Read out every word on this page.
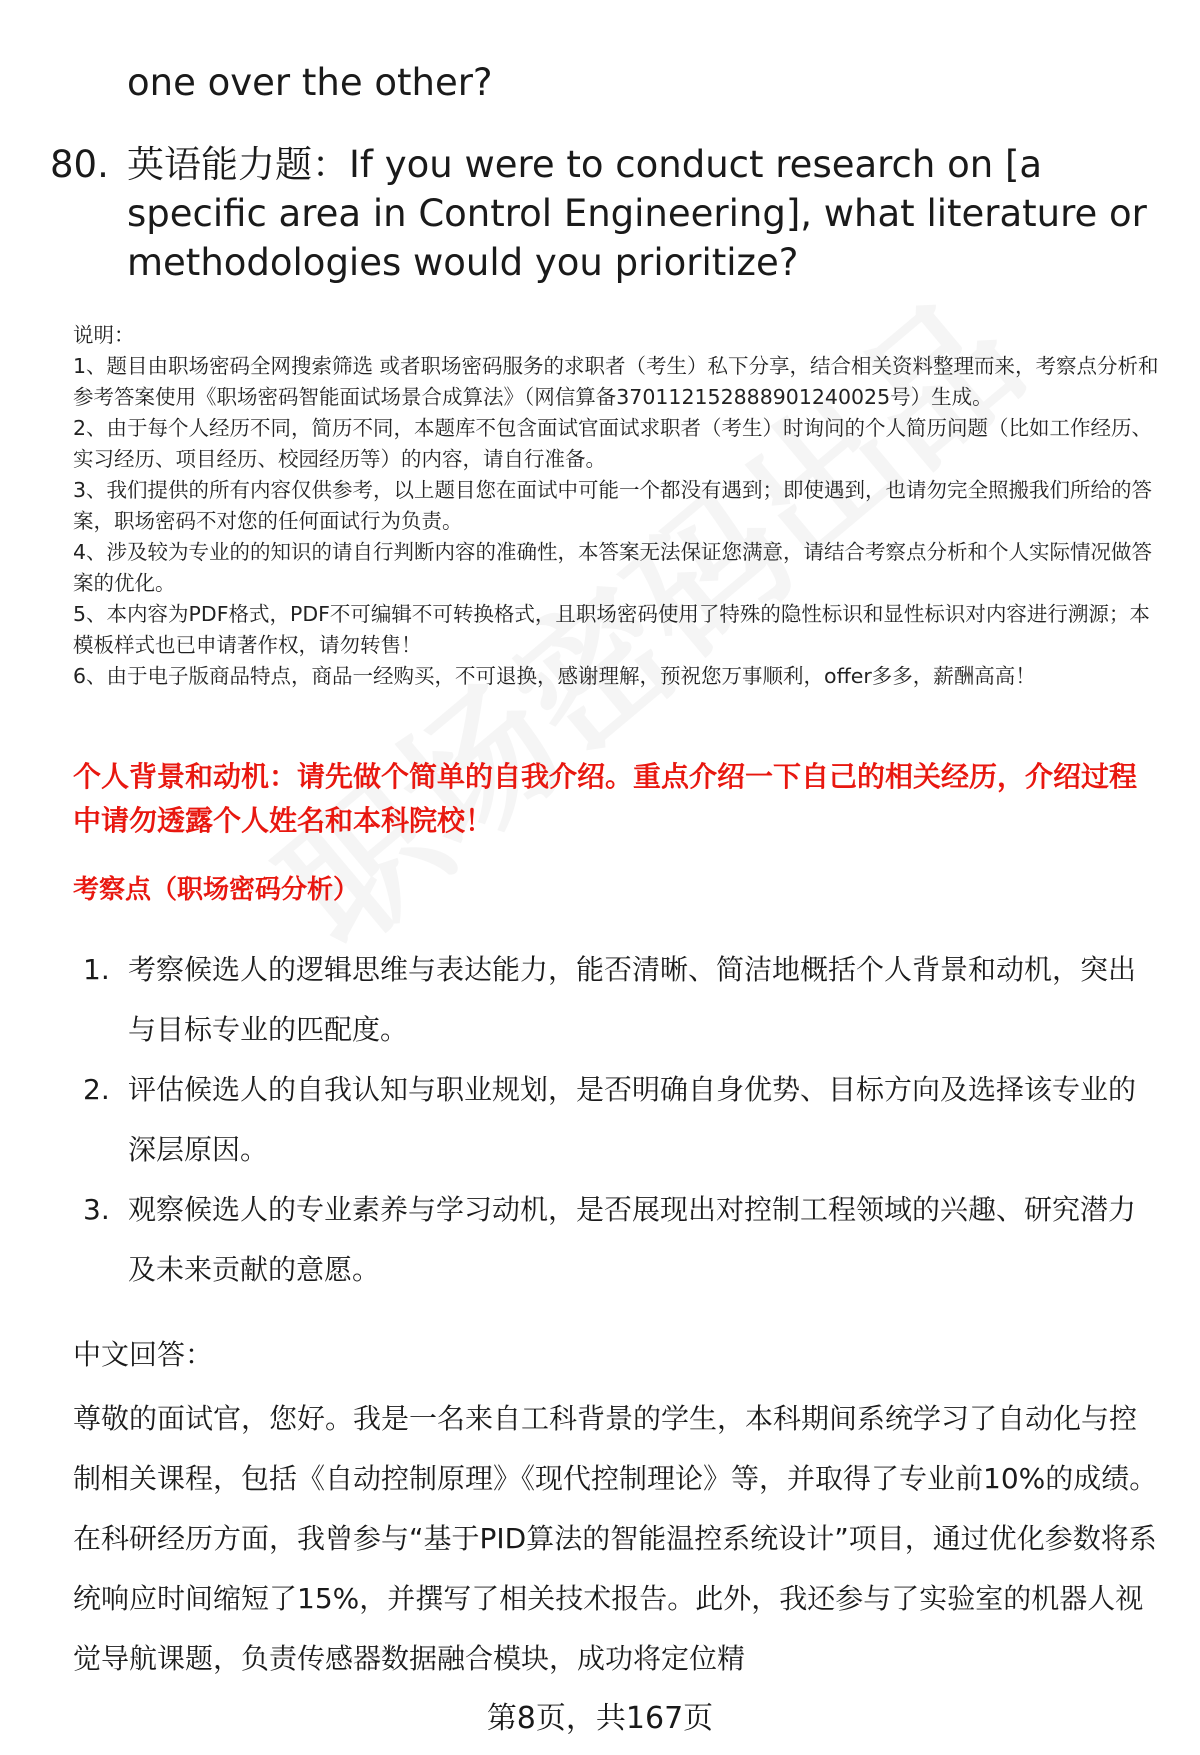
one over the other?

80. 英语能力题：If you were to conduct research on [a specific area in Control Engineering], what literature or methodologies would you prioritize?

说明：

1、题目由职场密码全网搜索筛选 或者职场密码服务的求职者（考生）私下分享，结合相关资料整理而来，考察点分析和参考答案使用《职场密码智能面试场景合成算法》（网信算备370112152888901240025号）生成。

2、由于每个人经历不同，简历不同，本题库不包含面试官面试求职者（考生）时询问的个人简历问题（比如工作经历、实习经历、项目经历、校园经历等）的内容，请自行准备。

3、我们提供的所有内容仅供参考，以上题目您在面试中可能一个都没有遇到；即使遇到，也请勿完全照搬我们所给的答案，职场密码不对您的任何面试行为负责。

4、涉及较为专业的的知识的请自行判断内容的准确性，本答案无法保证您满意，请结合考察点分析和个人实际情况做答案的优化。

5、本内容为PDF格式，PDF不可编辑不可转换格式，且职场密码使用了特殊的隐性标识和显性标识对内容进行溯源；本模板样式也已申请著作权，请勿转售！

6、由于电子版商品特点，商品一经购买，不可退换，感谢理解，预祝您万事顺利，offer多多，薪酬高高！

个人背景和动机：请先做个简单的自我介绍。重点介绍一下自己的相关经历，介绍过程中请勿透露个人姓名和本科院校！
考察点（职场密码分析）
1. 考察候选人的逻辑思维与表达能力，能否清晰、简洁地概括个人背景和动机，突出与目标专业的匹配度。
2. 评估候选人的自我认知与职业规划，是否明确自身优势、目标方向及选择该专业的深层原因。
3. 观察候选人的专业素养与学习动机，是否展现出对控制工程领域的兴趣、研究潜力及未来贡献的意愿。
中文回答：

尊敬的面试官，您好。我是一名来自工科背景的学生，本科期间系统学习了自动化与控制相关课程，包括《自动控制原理》《现代控制理论》等，并取得了专业前10%的成绩。在科研经历方面，我曾参与“基于PID算法的智能温控系统设计”项目，通过优化参数将系统响应时间缩短了15%，并撰写了相关技术报告。此外，我还参与了实验室的机器人视觉导航课题，负责传感器数据融合模块，成功将定位精

第8页，共167页
